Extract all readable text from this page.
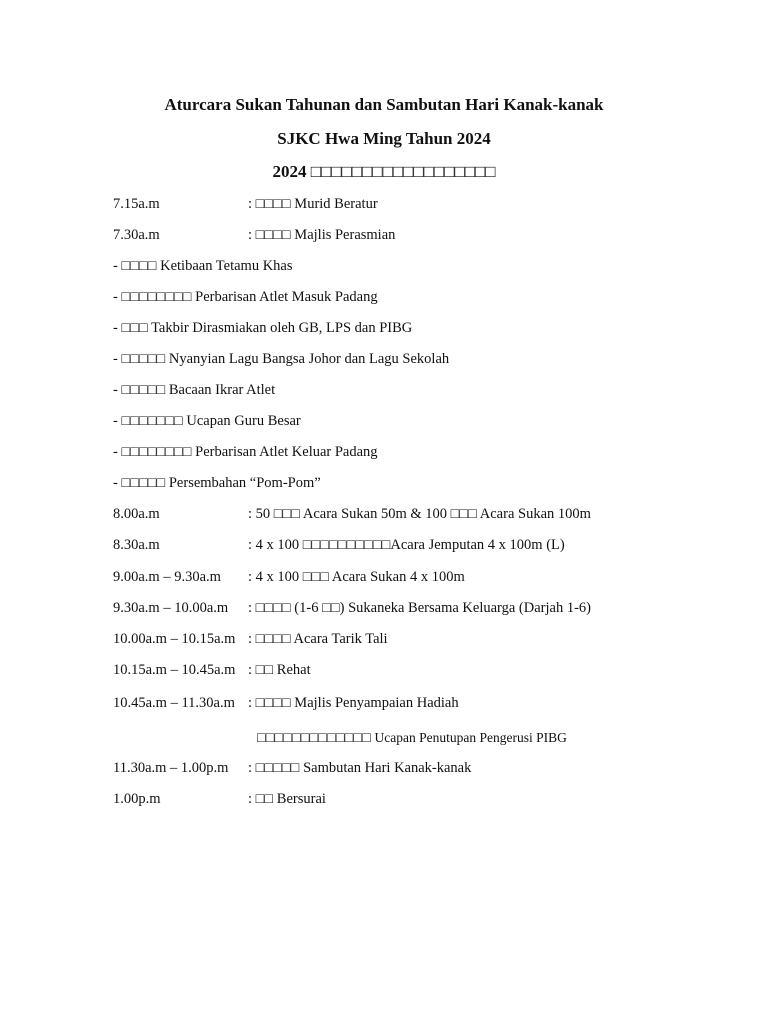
Aturcara Sukan Tahunan dan Sambutan Hari Kanak-kanak
SJKC Hwa Ming Tahun 2024
2024 □□□□□□□□□□□□□□□□□□
7.15a.m	: □□□□ Murid Beratur
7.30a.m	: □□□□ Majlis Perasmian
- □□□□ Ketibaan Tetamu Khas
- □□□□□□□□ Perbarisan Atlet Masuk Padang
- □□□ Takbir Dirasmiakan oleh GB, LPS dan PIBG
- □□□□□ Nyanyian Lagu Bangsa Johor dan Lagu Sekolah
- □□□□□ Bacaan Ikrar Atlet
- □□□□□□□ Ucapan Guru Besar
- □□□□□□□□ Perbarisan Atlet Keluar Padang
- □□□□□ Persembahan “Pom-Pom”
8.00a.m	: 50 □□□ Acara Sukan 50m & 100 □□□ Acara Sukan 100m
8.30a.m	: 4 x 100 □□□□□□□□□□Acara Jemputan 4 x 100m (L)
9.00a.m – 9.30a.m : 4 x 100 □□□ Acara Sukan 4 x 100m
9.30a.m – 10.00a.m : □□□□ (1-6 □□) Sukaneka Bersama Keluarga (Darjah 1-6)
10.00a.m – 10.15a.m : □□□□ Acara Tarik Tali
10.15a.m – 10.45a.m : □□ Rehat
10.45a.m – 11.30a.m : □□□□ Majlis Penyampaian Hadiah
□□□□□□□□□□□□□ Ucapan Penutupan Pengerusi PIBG
11.30a.m – 1.00p.m : □□□□□ Sambutan Hari Kanak-kanak
1.00p.m	: □□ Bersurai
